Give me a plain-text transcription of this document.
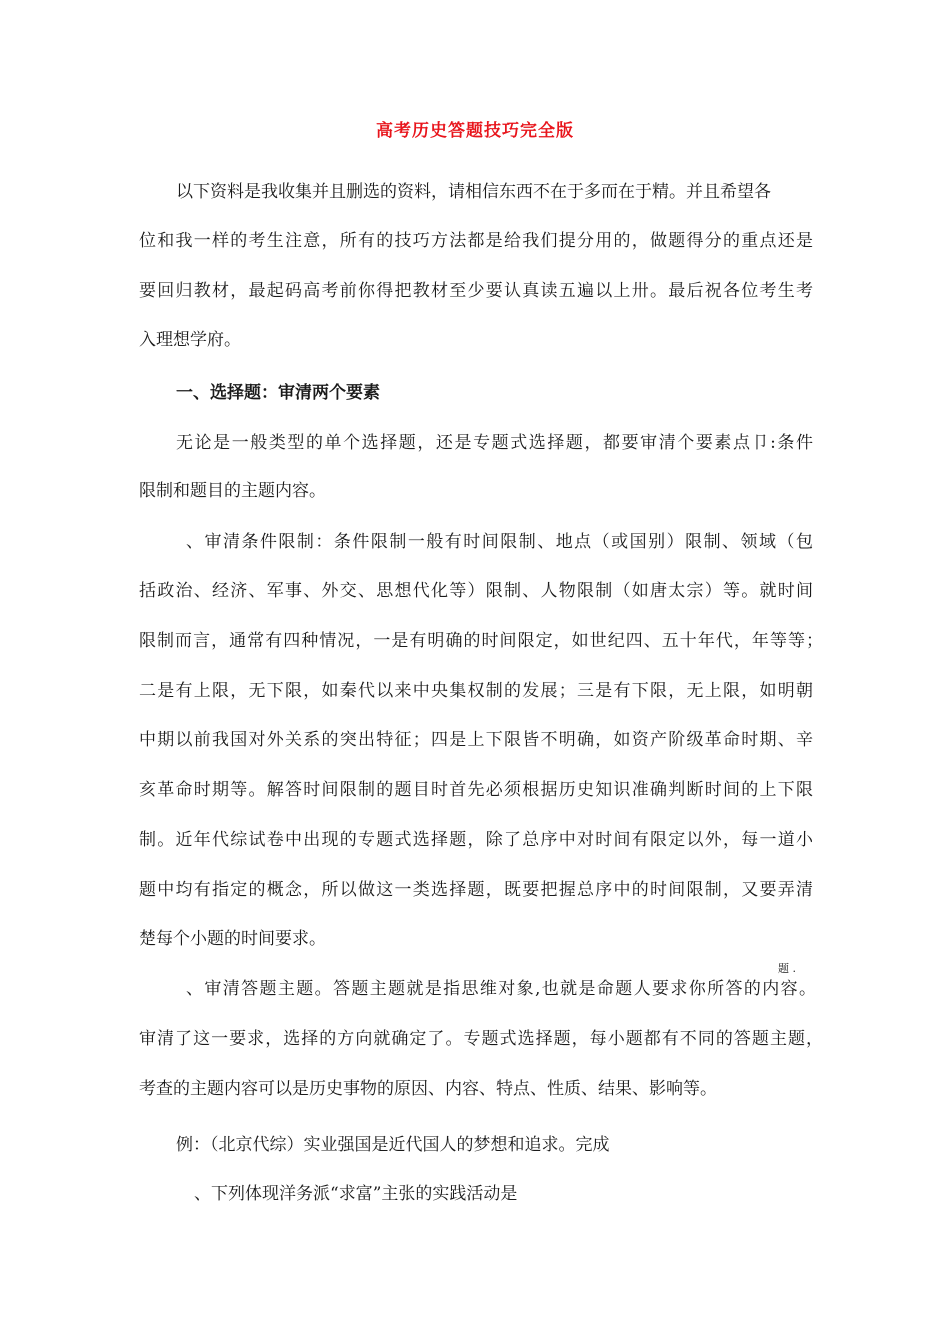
高考历史答题技巧完全版
以下资料是我收集并且删选的资料，请相信东西不在于多而在于精。并且希望各
位和我一样的考生注意，所有的技巧方法都是给我们提分用的，做题得分的重点还是
要回归教材，最起码高考前你得把教材至少要认真读五遍以上卅。最后祝各位考生考
入理想学府。
一、选择题：审清两个要素
无论是一般类型的单个选择题，还是专题式选择题，都要审清个要素点卩:条件
限制和题目的主题内容。
、审清条件限制：条件限制一般有时间限制、地点（或国别）限制、领域（包
括政治、经济、军事、外交、思想代化等）限制、人物限制（如唐太宗）等。就时间
限制而言，通常有四种情况，一是有明确的时间限定，如世纪四、五十年代，年等等；
二是有上限，无下限，如秦代以来中央集权制的发展；三是有下限，无上限，如明朝
中期以前我国对外关系的突出特征；四是上下限皆不明确，如资产阶级革命时期、辛
亥革命时期等。解答时间限制的题目时首先必须根据历史知识准确判断时间的上下限
制。近年代综试卷中出现的专题式选择题，除了总序中对时间有限定以外，每一道小
题中均有指定的概念，所以做这一类选择题，既要把握总序中的时间限制，又要弄清
楚每个小题的时间要求。
题 .
、审清答题主题。答题主题就是指思维对象,也就是命题人要求你所答的内容。
审清了这一要求，选择的方向就确定了。专题式选择题，每小题都有不同的答题主题，
考查的主题内容可以是历史事物的原因、内容、特点、性质、结果、影响等。
例：（北京代综）实业强国是近代国人的梦想和追求。完成
、下列体现洋务派“求富”主张的实践活动是
